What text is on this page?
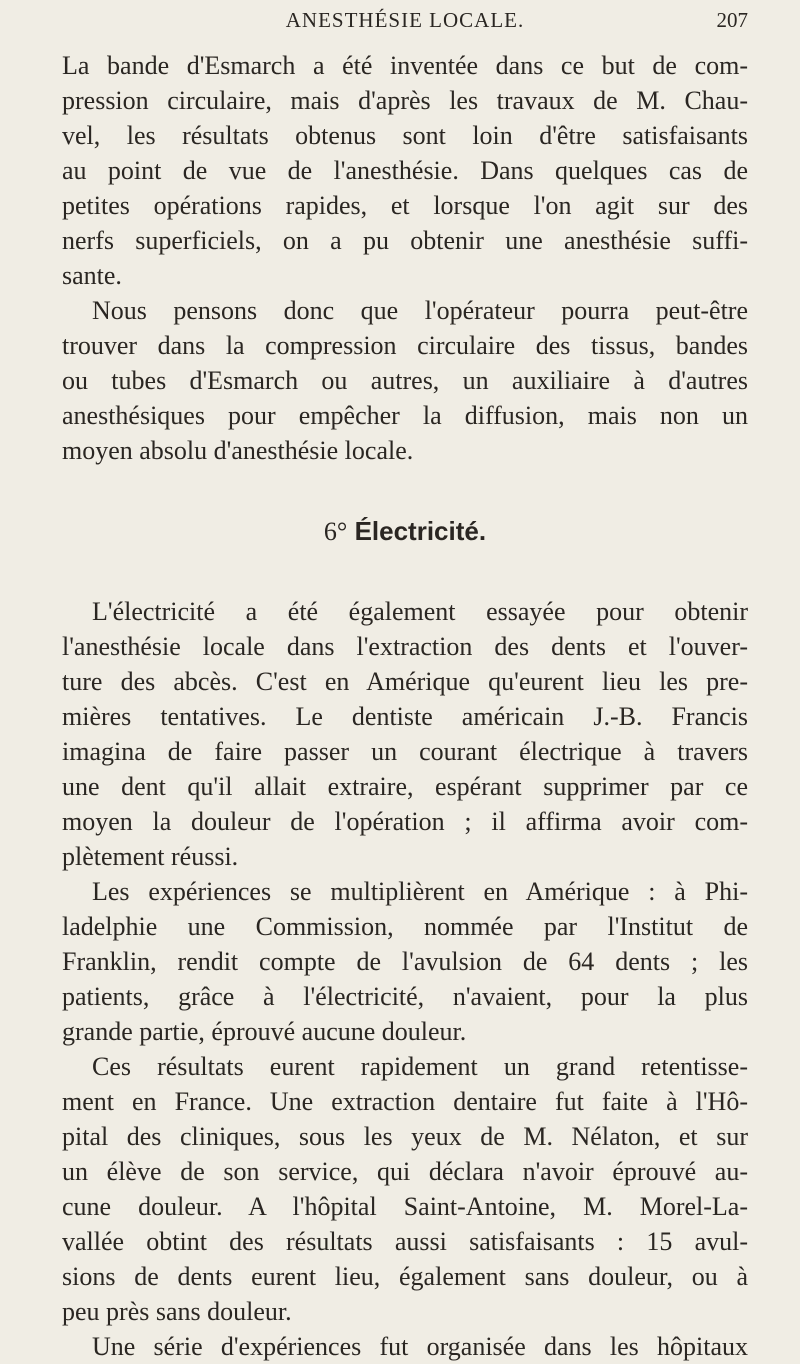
ANESTHÉSIE LOCALE.	207
La bande d'Esmarch a été inventée dans ce but de com-
pression circulaire, mais d'après les travaux de M. Chau-
vel, les résultats obtenus sont loin d'être satisfaisants
au point de vue de l'anesthésie. Dans quelques cas de
petites opérations rapides, et lorsque l'on agit sur des
nerfs superficiels, on a pu obtenir une anesthésie suffi-
sante.
Nous pensons donc que l'opérateur pourra peut-être
trouver dans la compression circulaire des tissus, bandes
ou tubes d'Esmarch ou autres, un auxiliaire à d'autres
anesthésiques pour empêcher la diffusion, mais non un
moyen absolu d'anesthésie locale.
6° Électricité.
L'électricité a été également essayée pour obtenir
l'anesthésie locale dans l'extraction des dents et l'ouver-
ture des abcès. C'est en Amérique qu'eurent lieu les pre-
mières tentatives. Le dentiste américain J.-B. Francis
imagina de faire passer un courant électrique à travers
une dent qu'il allait extraire, espérant supprimer par ce
moyen la douleur de l'opération ; il affirma avoir com-
plètement réussi.
Les expériences se multiplièrent en Amérique : à Phi-
ladelphie une Commission, nommée par l'Institut de
Franklin, rendit compte de l'avulsion de 64 dents ; les
patients, grâce à l'électricité, n'avaient, pour la plus
grande partie, éprouvé aucune douleur.
Ces résultats eurent rapidement un grand retentisse-
ment en France. Une extraction dentaire fut faite à l'Hô-
pital des cliniques, sous les yeux de M. Nélaton, et sur
un élève de son service, qui déclara n'avoir éprouvé au-
cune douleur. A l'hôpital Saint-Antoine, M. Morel-La-
vallée obtint des résultats aussi satisfaisants : 15 avul-
sions de dents eurent lieu, également sans douleur, ou à
peu près sans douleur.
Une série d'expériences fut organisée dans les hôpitaux
